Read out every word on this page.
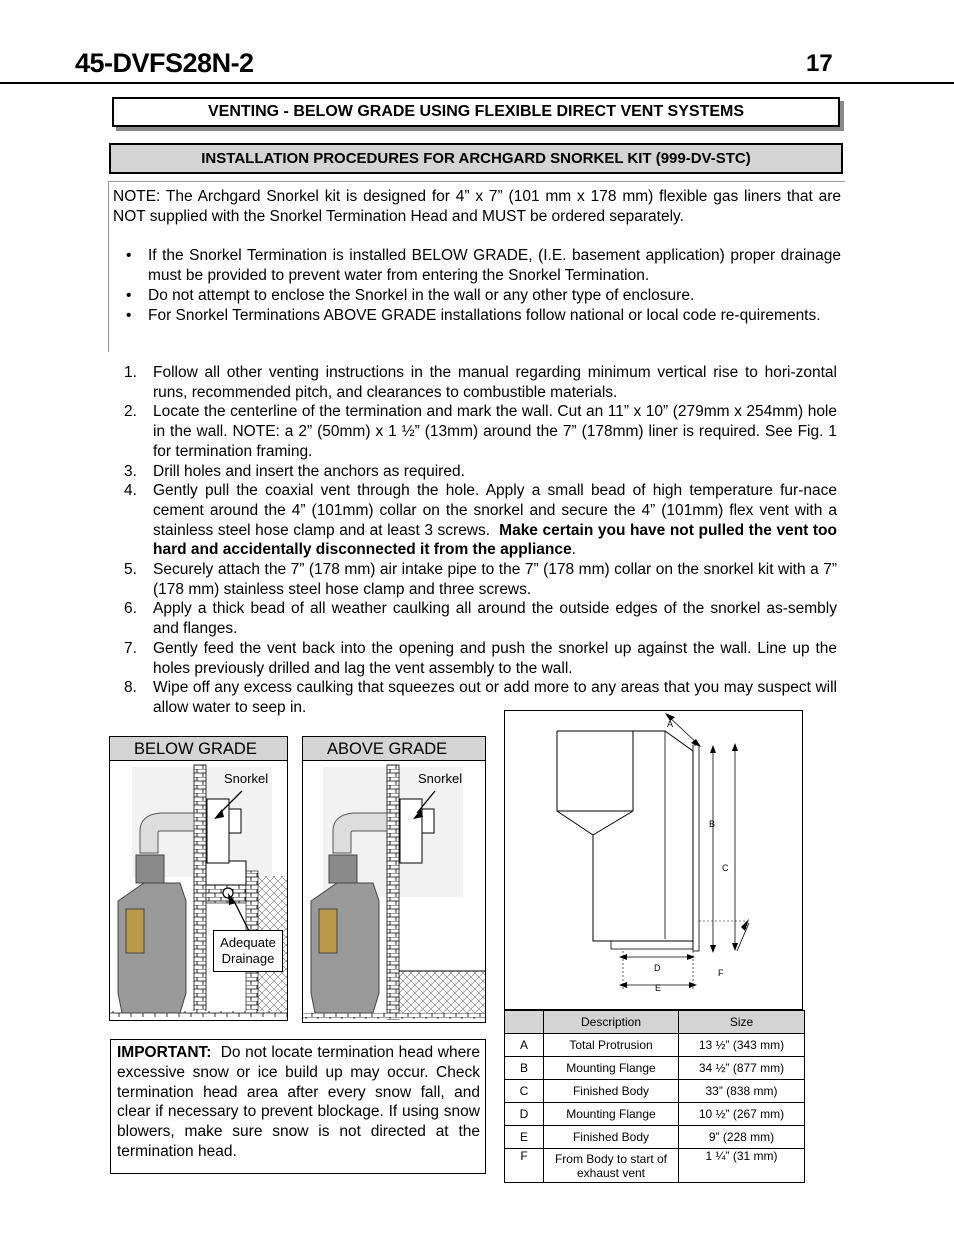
45-DVFS28N-2	17
VENTING - BELOW GRADE USING FLEXIBLE DIRECT VENT SYSTEMS
INSTALLATION PROCEDURES FOR ARCHGARD SNORKEL KIT (999-DV-STC)
NOTE: The Archgard Snorkel kit is designed for 4” x 7” (101 mm x 178 mm) flexible gas liners that are NOT supplied with the Snorkel Termination Head and MUST be ordered separately.
• If the Snorkel Termination is installed BELOW GRADE, (I.E. basement application) proper drainage must be provided to prevent water from entering the Snorkel Termination.
• Do not attempt to enclose the Snorkel in the wall or any other type of enclosure.
• For Snorkel Terminations ABOVE GRADE installations follow national or local code re-quirements.
1. Follow all other venting instructions in the manual regarding minimum vertical rise to hori-zontal runs, recommended pitch, and clearances to combustible materials.
2. Locate the centerline of the termination and mark the wall. Cut an 11” x 10” (279mm x 254mm) hole in the wall. NOTE: a 2” (50mm) x 1 ½” (13mm) around the 7” (178mm) liner is required. See Fig. 1 for termination framing.
3. Drill holes and insert the anchors as required.
4. Gently pull the coaxial vent through the hole. Apply a small bead of high temperature fur-nace cement around the 4” (101mm) collar on the snorkel and secure the 4” (101mm) flex vent with a stainless steel hose clamp and at least 3 screws. Make certain you have not pulled the vent too hard and accidentally disconnected it from the appliance.
5. Securely attach the 7” (178 mm) air intake pipe to the 7” (178 mm) collar on the snorkel kit with a 7” (178 mm) stainless steel hose clamp and three screws.
6. Apply a thick bead of all weather caulking all around the outside edges of the snorkel as-sembly and flanges.
7. Gently feed the vent back into the opening and push the snorkel up against the wall. Line up the holes previously drilled and lag the vent assembly to the wall.
8. Wipe off any excess caulking that squeezes out or add more to any areas that you may suspect will allow water to seep in.
BELOW GRADE
Snorkel
Adequate
Drainage
ABOVE GRADE
Snorkel
IMPORTANT: Do not locate termination head where excessive snow or ice build up may occur. Check termination head area after every snow fall, and clear if necessary to prevent blockage. If using snow blowers, make sure snow is not directed at the termination head.
A
B
C
D
E
F
	Description	Size
A	Total Protrusion	13 ½” (343 mm)
B	Mounting Flange	34 ½” (877 mm)
C	Finished Body	33” (838 mm)
D	Mounting Flange	10 ½” (267 mm)
E	Finished Body	9” (228 mm)
F	From Body to start of exhaust vent	1 ¼” (31 mm)
